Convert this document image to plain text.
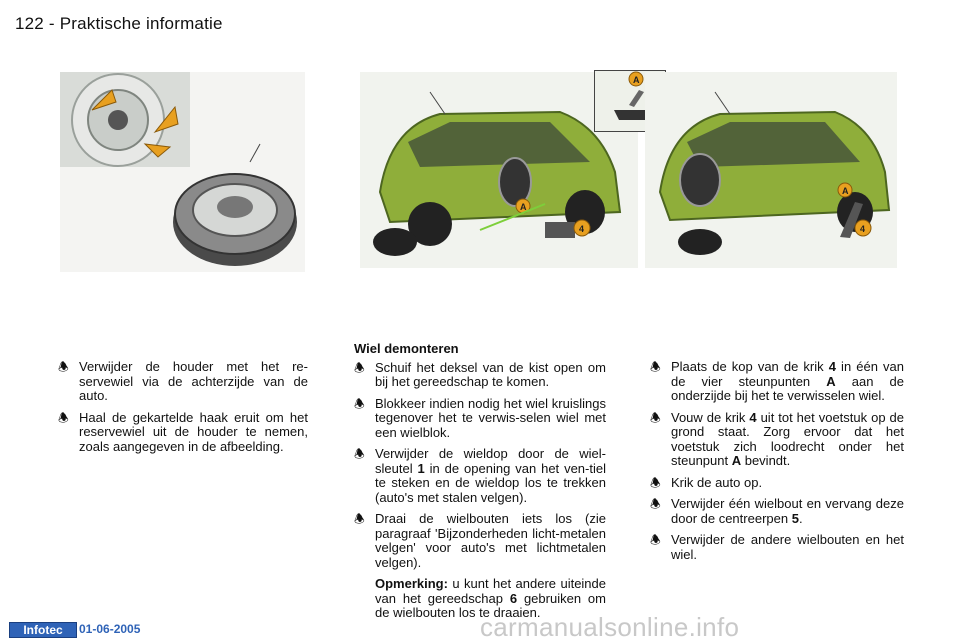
122 - Praktische informatie
A
4
A
A
4

🕭 Verwijder de houder met het re-servewiel via de achterzijde van de auto.

🕭 Haal de gekartelde haak eruit om het reservewiel uit de houder te nemen, zoals aangegeven in de afbeelding.

Wiel demonteren

🕭 Schuif het deksel van de kist open om bij het gereedschap te komen.

🕭 Blokkeer indien nodig het wiel kruislings tegenover het te verwis-selen wiel met een wielblok.

🕭 Verwijder de wieldop door de wiel-sleutel 1 in de opening van het ven-tiel te steken en de wieldop los te trekken (auto's met stalen velgen).

🕭 Draai de wielbouten iets los (zie paragraaf 'Bijzonderheden licht-metalen velgen' voor auto's met lichtmetalen velgen).

Opmerking: u kunt het andere uiteinde van het gereedschap 6 gebruiken om de wielbouten los te draaien.

🕭 Plaats de kop van de krik 4 in één van de vier steunpunten A aan de onderzijde bij het te verwisselen wiel.

🕭 Vouw de krik 4 uit tot het voetstuk op de grond staat. Zorg ervoor dat het voetstuk zich loodrecht onder het steunpunt A bevindt.

🕭 Krik de auto op.

🕭 Verwijder één wielbout en vervang deze door de centreerpen 5.

🕭 Verwijder de andere wielbouten en het wiel.

Infotec	01-06-2005	carmanualsonline.info
